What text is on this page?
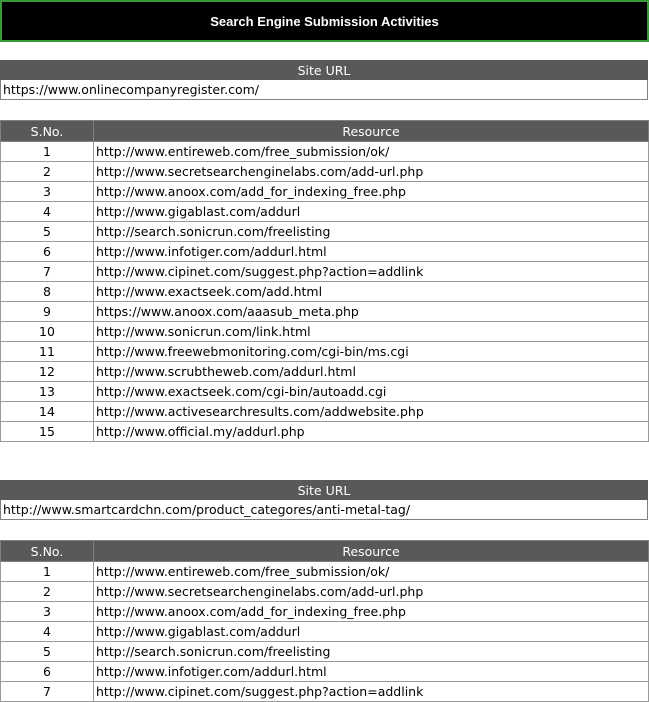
Search Engine Submission Activities
Site URL
https://www.onlinecompanyregister.com/
S.No.	Resource
1	http://www.entireweb.com/free_submission/ok/
2	http://www.secretsearchenginelabs.com/add-url.php
3	http://www.anoox.com/add_for_indexing_free.php
4	http://www.gigablast.com/addurl
5	http://search.sonicrun.com/freelisting
6	http://www.infotiger.com/addurl.html
7	http://www.cipinet.com/suggest.php?action=addlink
8	http://www.exactseek.com/add.html
9	https://www.anoox.com/aaasub_meta.php
10	http://www.sonicrun.com/link.html
11	http://www.freewebmonitoring.com/cgi-bin/ms.cgi
12	http://www.scrubtheweb.com/addurl.html
13	http://www.exactseek.com/cgi-bin/autoadd.cgi
14	http://www.activesearchresults.com/addwebsite.php
15	http://www.official.my/addurl.php
Site URL
http://www.smartcardchn.com/product_categores/anti-metal-tag/
S.No.	Resource
1	http://www.entireweb.com/free_submission/ok/
2	http://www.secretsearchenginelabs.com/add-url.php
3	http://www.anoox.com/add_for_indexing_free.php
4	http://www.gigablast.com/addurl
5	http://search.sonicrun.com/freelisting
6	http://www.infotiger.com/addurl.html
7	http://www.cipinet.com/suggest.php?action=addlink
